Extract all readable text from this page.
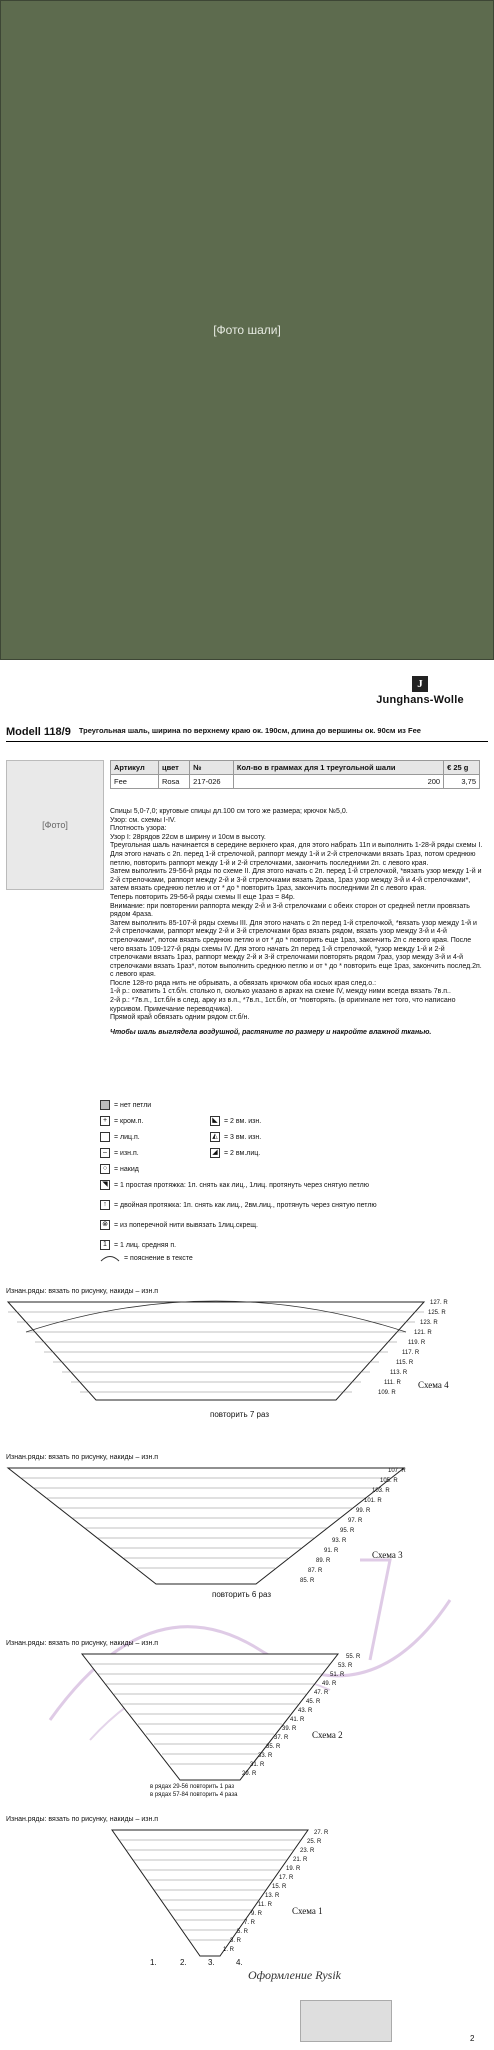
[Фото шали]
J
Junghans-Wolle
Modell 118/9 Треугольная шаль, ширина по верхнему краю ок. 190см, длина до вершины ок. 90см из Fee
[Фото]
Артикул	цвет	№	Кол-во в граммах для 1 треугольной шали	€ 25 g
Fee	Rosa	217-026	200	3,75

Спицы 5,0-7,0; круговые спицы дл.100 см того же размера; крючок №5,0.

Узор: см. схемы I-IV.

Плотность узора:

Узор I: 28рядов 22см в ширину и 10см в высоту.

Треугольная шаль начинается в середине верхнего края, для этого набрать 11п и выполнить 1-28-й ряды схемы I. Для этого начать с 2п. перед 1-й стрелочкой, раппорт между 1-й и 2-й стрелочками вязать 1раз, потом среднюю петлю, повторить раппорт между 1-й и 2-й стрелочками, закончить последними 2п. с левого края.

Затем выполнить 29-56-й ряды по схеме II. Для этого начать с 2п. перед 1-й стрелочкой, *вязать узор между 1-й и 2-й стрелочками, раппорт между 2-й и 3-й стрелочками вязать 2раза, 1раз узор между 3-й и 4-й стрелочками*, затем вязать среднюю петлю и от * до * повторить 1раз, закончить последними 2п с левого края.

Теперь повторить 29-56-й ряды схемы II еще 1раз = 84р.

Внимание: при повторении раппорта между 2-й и 3-й стрелочками с обеих сторон от средней петли провязать рядом 4раза.

Затем выполнить 85-107-й ряды схемы III. Для этого начать с 2п перед 1-й стрелочкой, *вязать узор между 1-й и 2-й стрелочками, раппорт между 2-й и 3-й стрелочками 6раз вязать рядом, вязать узор между 3-й и 4-й стрелочками*, потом вязать среднюю петлю и от * до * повторить еще 1раз, закончить 2п с левого края. После чего вязать 109-127-й ряды схемы IV. Для этого начать 2п перед 1-й стрелочкой, *узор между 1-й и 2-й стрелочками вязать 1раз, раппорт между 2-й и 3-й стрелочками повторять рядом 7раз, узор между 3-й и 4-й стрелочками вязать 1раз*, потом выполнить среднюю петлю и от * до * повторить еще 1раз, закончить послед.2п. с левого края.

После 128-го ряда нить не обрывать, а обвязать крючком оба косых края след.о.:

1-й р.: охватить 1 ст.б/н. столько п, сколько указано в арках на схеме IV, между ними всегда вязать 7в.п..

2-й р.: *7в.п., 1ст.б/н в след. арку из в.п., *7в.п., 1ст.б/н, от *повторять. (в оригинале нет того, что написано курсивом. Примечание переводчика).

Прямой край обвязать одним рядом ст.б/н.

Чтобы шаль выглядела воздушной, растяните по размеру и накройте влажной тканью.

= нет петли
+ = кром.п.	◣ = 2 вм. изн.
= лиц.п.	◭ = 3 вм. изн.
–	= изн.п.	◢ = 2 вм.лиц.
○ = накид
◥ = 1 простая протяжка: 1п. снять как лиц., 1лиц. протянуть через снятую петлю
↑	= двойная протяжка: 1п. снять как лиц., 2вм.лиц., протянуть через снятую петлю
⊗ = из поперечной нити вывязать 1лиц.скрещ.
1	= 1 лиц. средняя п.
= пояснение в тексте
Изнан.ряды: вязать по рисунку, накиды – изн.п
127. R
125. R
123. R
121. R
119. R
117. R
115. R
113. R
111. R
109. R
Схема 4
повторить 7 раз
Изнан.ряды: вязать по рисунку, накиды – изн.п
107. R
105. R
103. R
101. R
99. R
97. R
95. R
93. R
91. R
89. R
87. R
85. R
Схема 3
повторить 6 раз
Изнан.ряды: вязать по рисунку, накиды – изн.п
55. R
53. R
51. R
49. R
47. R
45. R
43. R
41. R
39. R
37. R
35. R
33. R
31. R
29. R
Схема 2
в рядах 29-56 повторить 1 раз
в рядах 57-84 повторить 4 раза
Изнан.ряды: вязать по рисунку, накиды – изн.п
27. R
25. R
23. R
21. R
19. R
17. R
15. R
13. R
11. R
9. R
7. R
5. R
3. R
1. R
Схема 1
1.	2.	3.	4.
Оформление Rysik
2
